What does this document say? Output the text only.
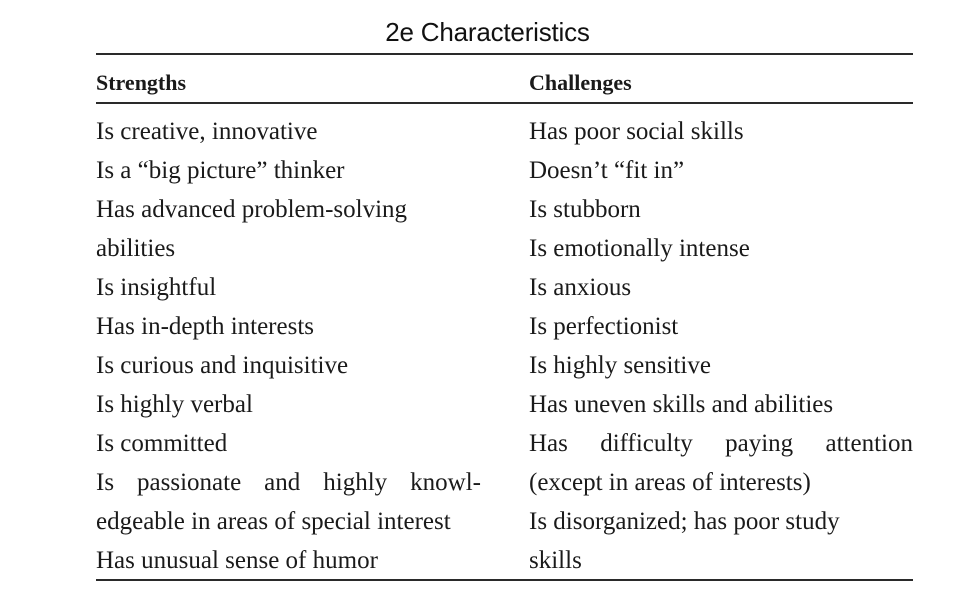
2e Characteristics
Strengths	Challenges
Is creative, innovative
Is a “big picture” thinker
Has advanced problem-solving
abilities
Is insightful
Has in-depth interests
Is curious and inquisitive
Is highly verbal
Is committed
Is passionate and highly knowl-
edgeable in areas of special interest
Has unusual sense of humor
Has poor social skills
Doesn’t “fit in”
Is stubborn
Is emotionally intense
Is anxious
Is perfectionist
Is highly sensitive
Has uneven skills and abilities
Has difficulty paying attention
(except in areas of interests)
Is disorganized; has poor study
skills
